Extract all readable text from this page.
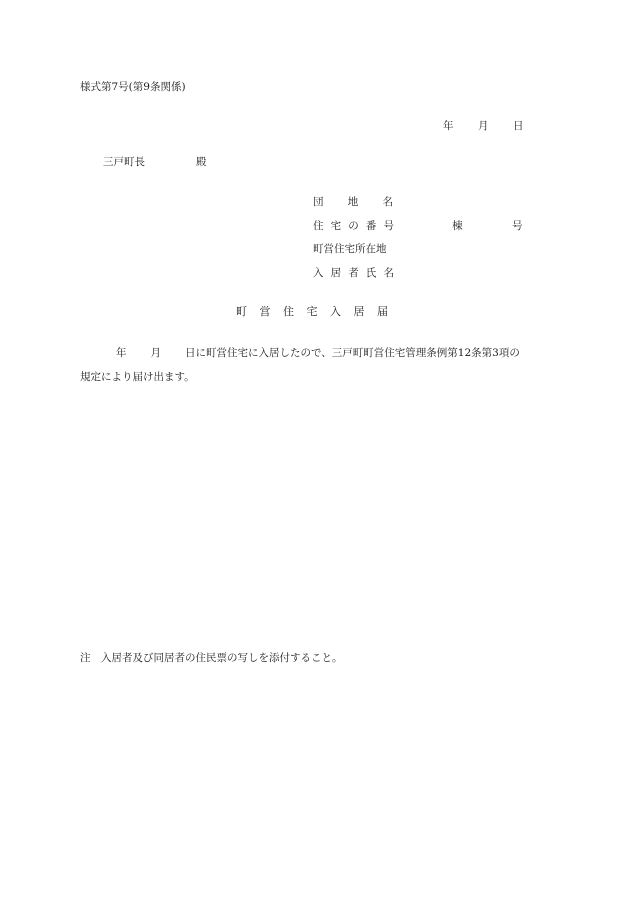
様式第7号(第9条関係)
年 月 日
三戸町長	殿
団 地 名
住 宅 の 番 号	棟	号
町営住宅所在地
入 居 者 氏 名
町 営 住 宅 入 居 届
年 月 日に町営住宅に入居したので、三戸町町営住宅管理条例第12条第3項の
規定により届け出ます。
注　入居者及び同居者の住民票の写しを添付すること。
